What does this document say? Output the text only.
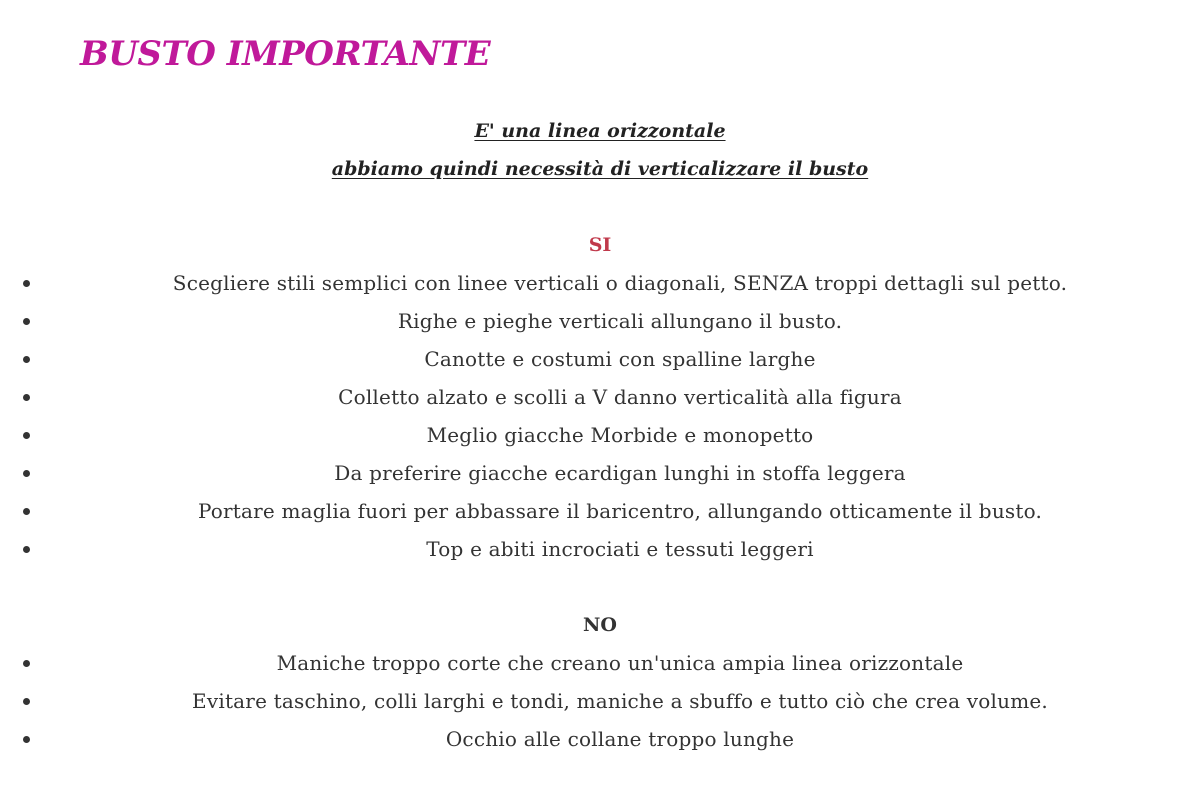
BUSTO IMPORTANTE
E' una linea orizzontale
abbiamo quindi necessità di verticalizzare il busto
SI
Scegliere stili semplici con linee verticali o diagonali, SENZA troppi dettagli sul petto.
Righe e pieghe verticali allungano il busto.
Canotte e costumi con spalline larghe
Colletto alzato e scolli a V danno verticalità alla figura
Meglio giacche Morbide e monopetto
Da preferire giacche ecardigan lunghi in stoffa leggera
Portare maglia fuori per abbassare il baricentro, allungando otticamente il busto.
Top e abiti incrociati e tessuti leggeri
NO
Maniche troppo corte che creano un'unica ampia linea orizzontale
Evitare taschino, colli larghi e tondi, maniche a sbuffo e tutto ciò che crea volume.
Occhio alle collane troppo lunghe
